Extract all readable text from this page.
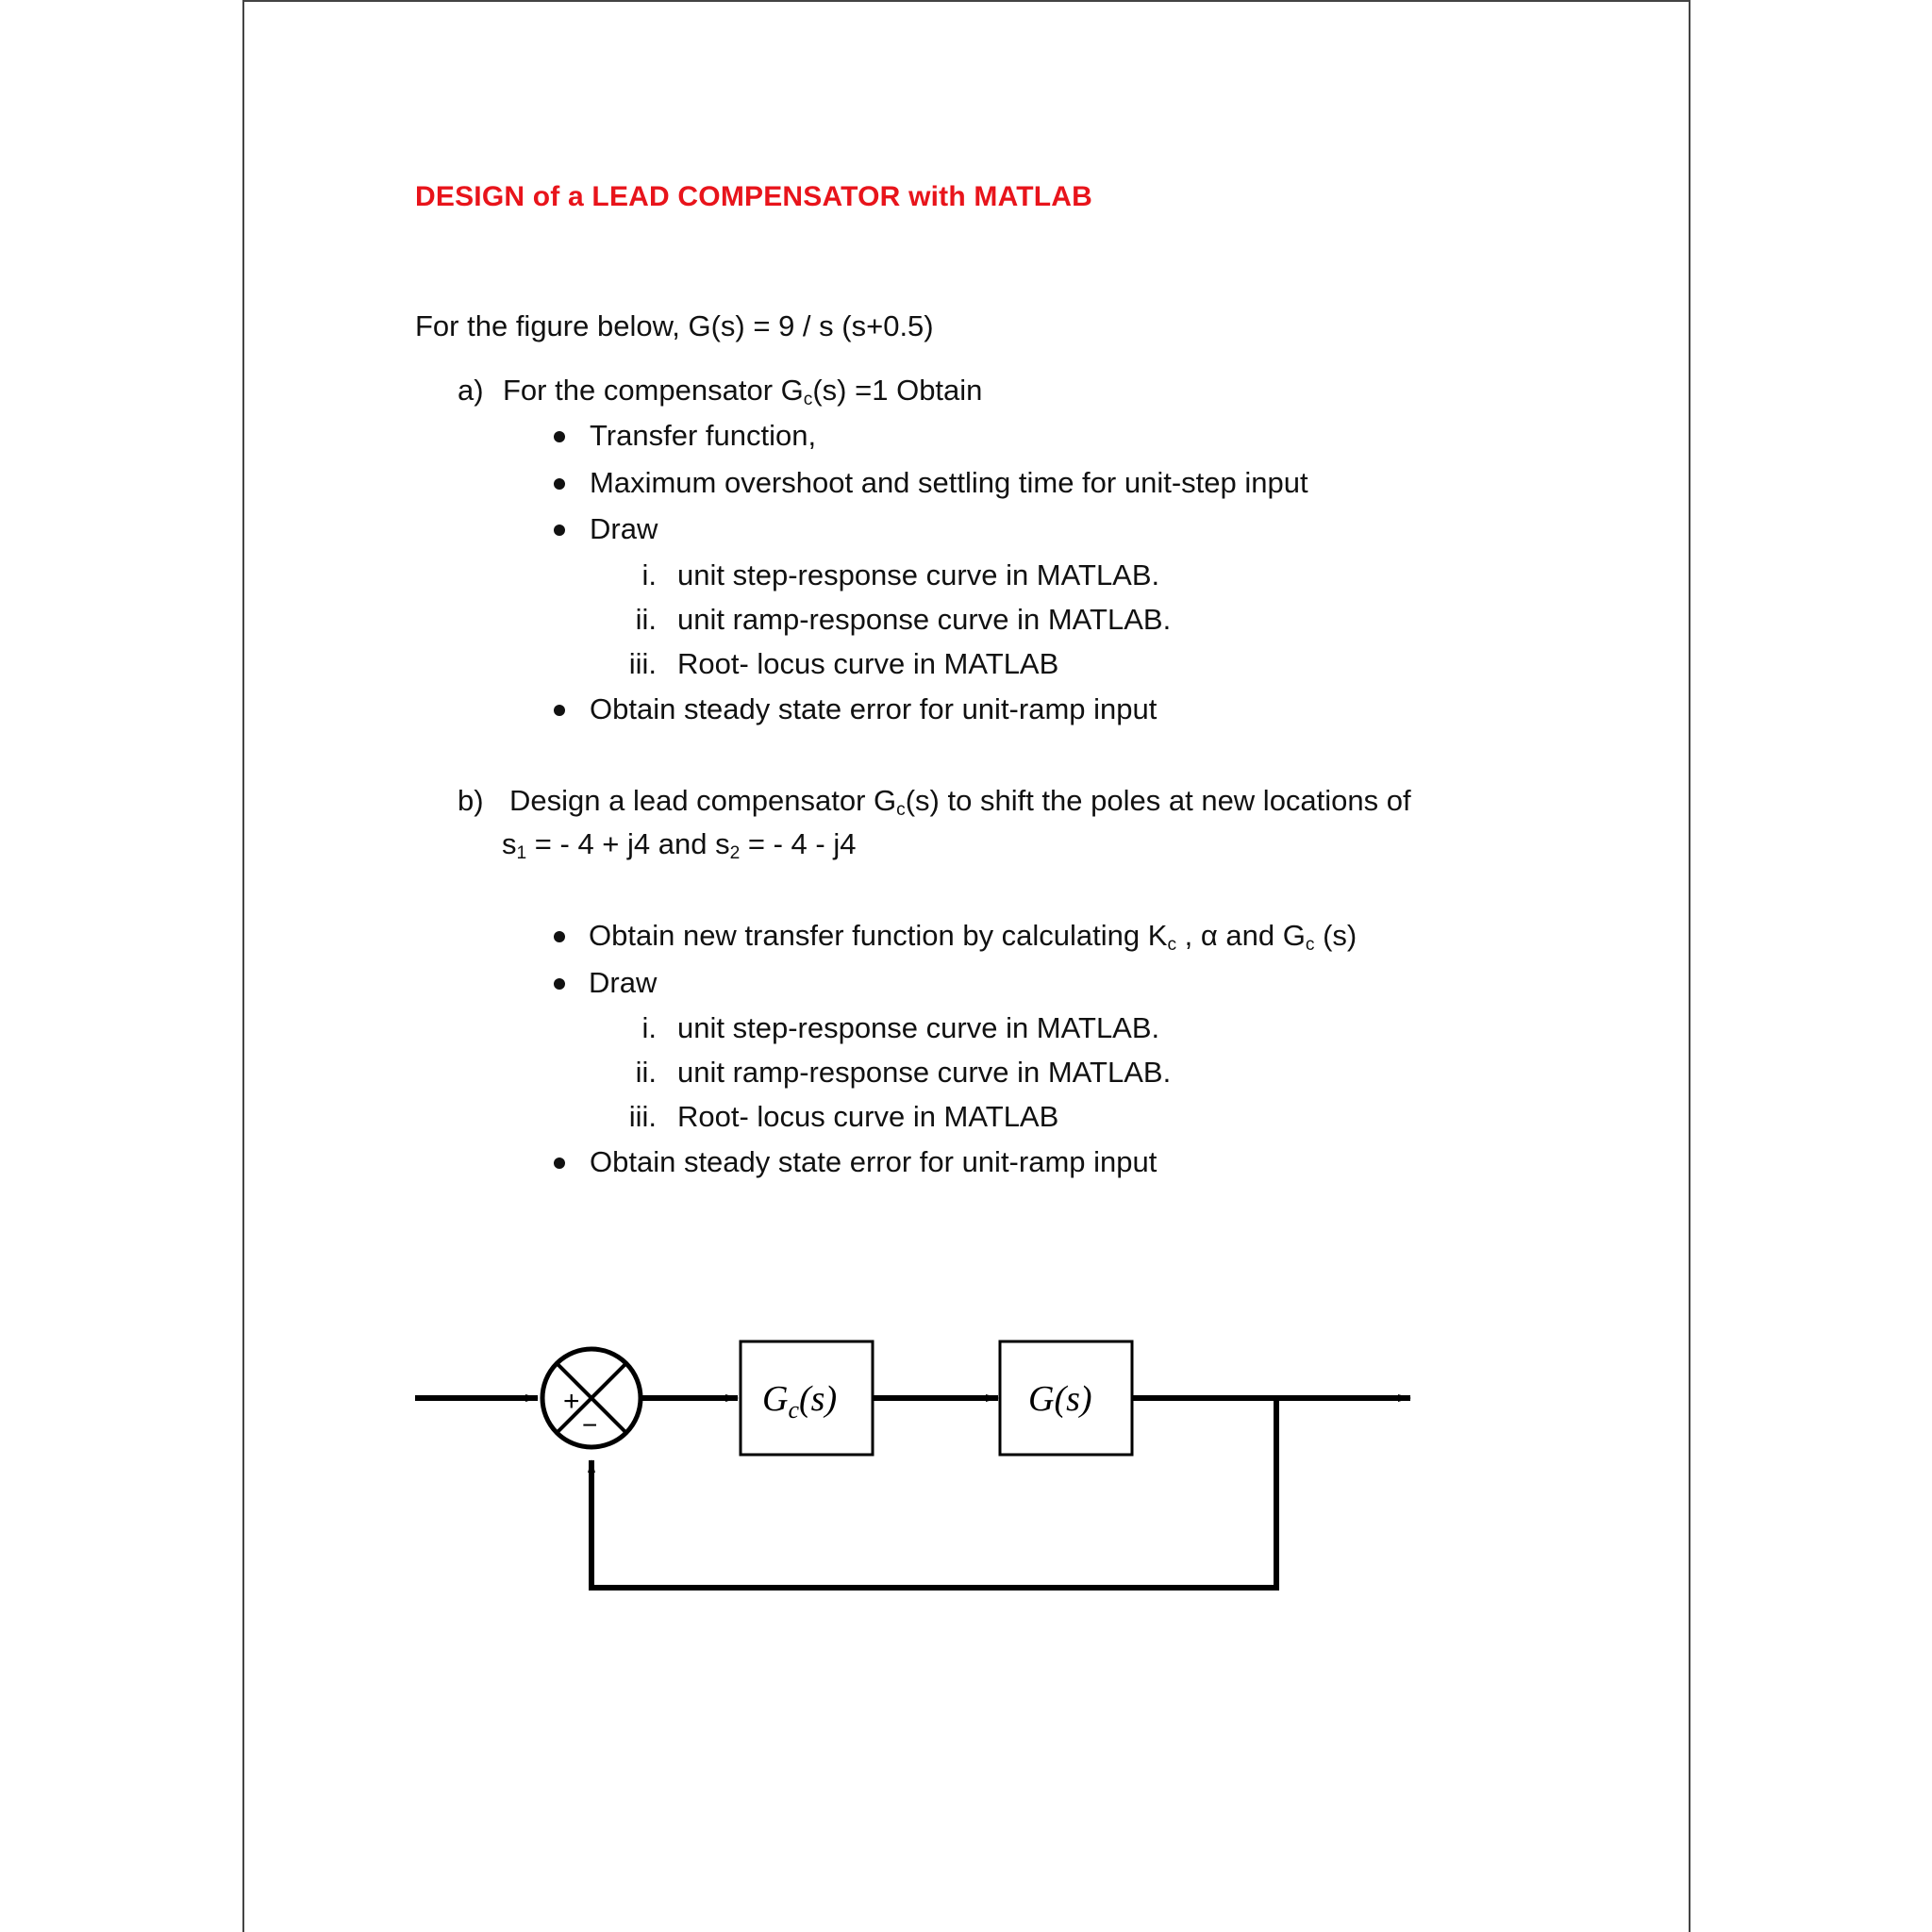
DESIGN of a LEAD COMPENSATOR with MATLAB
For the figure below, G(s) = 9 / s (s+0.5)
a) For the compensator $G_c(s) =1$ Obtain
Transfer function,
Maximum overshoot and settling time for unit-step input
Draw
i. unit step-response curve in MATLAB.
ii. unit ramp-response curve in MATLAB.
iii. Root- locus curve in MATLAB
Obtain steady state error for unit-ramp input
b) Design a lead compensator $G_c(s)$ to shift the poles at new locations of
$s_1$ = - 4 + j4 and $s_2$ = - 4 - j4
Obtain new transfer function by calculating $K_c$ , α and $G_c$ (s)
Draw
i. unit step-response curve in MATLAB.
ii. unit ramp-response curve in MATLAB.
iii. Root- locus curve in MATLAB
Obtain steady state error for unit-ramp input
+
−
$G_c(s)$	G(s)
